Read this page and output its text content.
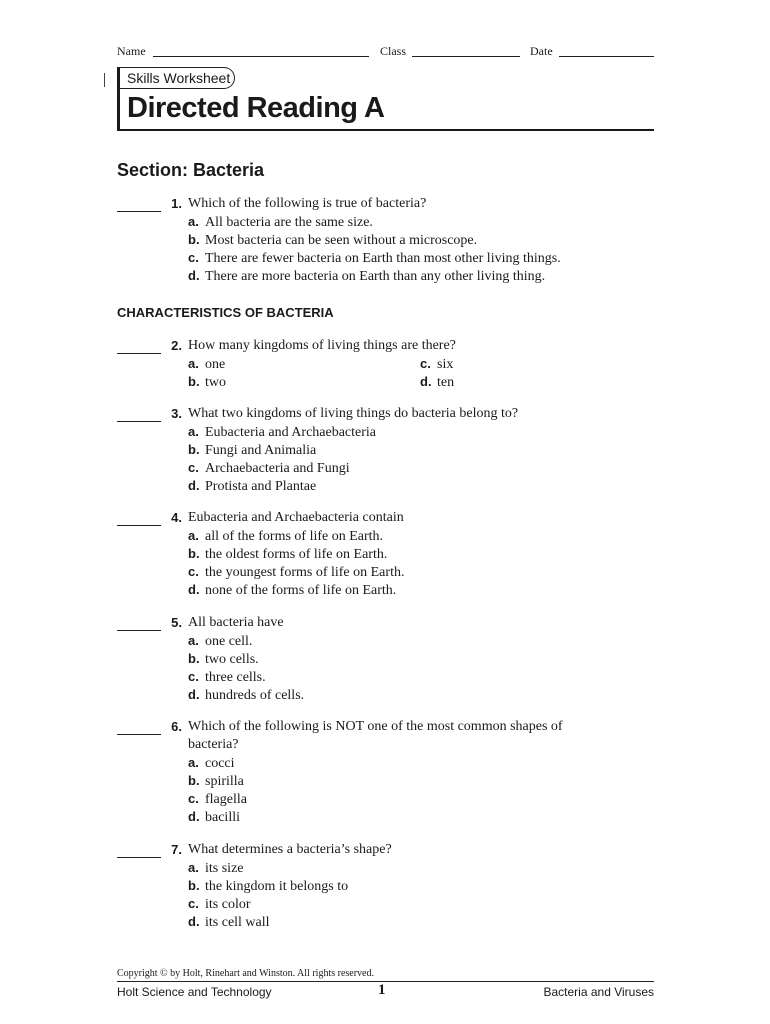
Name	Class	Date
Skills Worksheet
Directed Reading A
Section: Bacteria
CHARACTERISTICS OF BACTERIA
1. Which of the following is true of bacteria?
a. All bacteria are the same size.
b. Most bacteria can be seen without a microscope.
c. There are fewer bacteria on Earth than most other living things.
d. There are more bacteria on Earth than any other living thing.
2. How many kingdoms of living things are there?
a. one
b. two
c. six
d. ten
3. What two kingdoms of living things do bacteria belong to?
a. Eubacteria and Archaebacteria
b. Fungi and Animalia
c. Archaebacteria and Fungi
d. Protista and Plantae
4. Eubacteria and Archaebacteria contain
a. all of the forms of life on Earth.
b. the oldest forms of life on Earth.
c. the youngest forms of life on Earth.
d. none of the forms of life on Earth.
5. All bacteria have
a. one cell.
b. two cells.
c. three cells.
d. hundreds of cells.
6. Which of the following is NOT one of the most common shapes of
bacteria?
a. cocci
b. spirilla
c. flagella
d. bacilli
7. What determines a bacteria’s shape?
a. its size
b. the kingdom it belongs to
c. its color
d. its cell wall
Copyright © by Holt, Rinehart and Winston. All rights reserved.
Holt Science and Technology	1	Bacteria and Viruses
